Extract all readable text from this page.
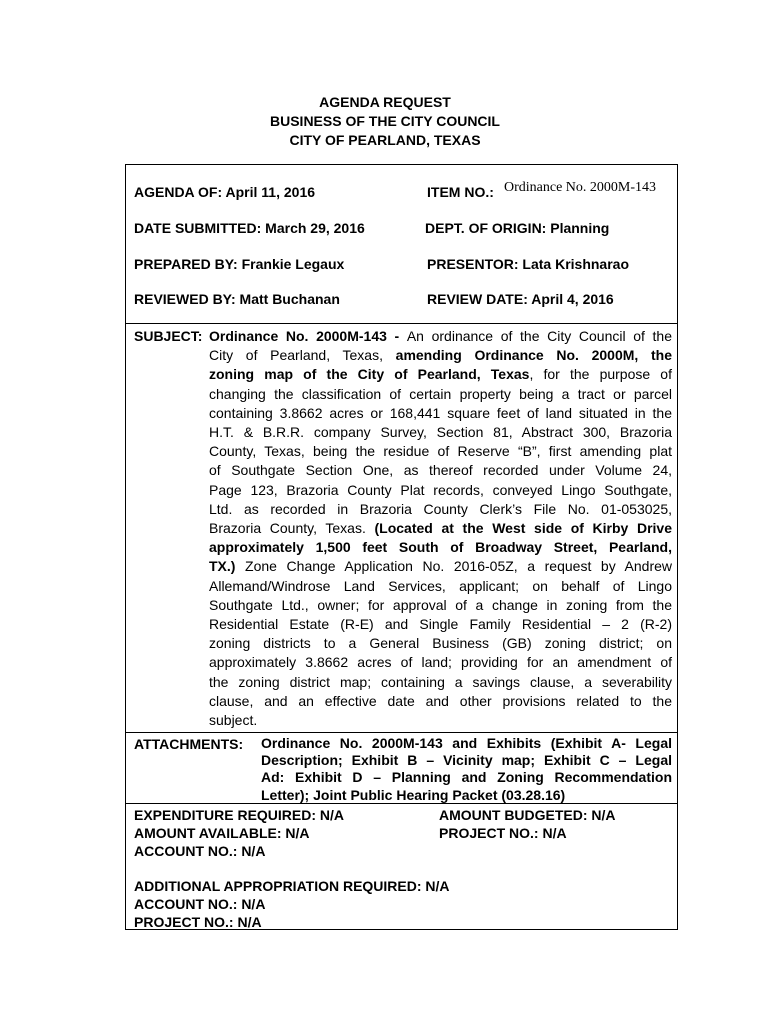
AGENDA REQUEST
BUSINESS OF THE CITY COUNCIL
CITY OF PEARLAND, TEXAS
AGENDA OF: April 11, 2016	ITEM NO.: Ordinance No. 2000M-143
DATE SUBMITTED: March 29, 2016	DEPT. OF ORIGIN: Planning
PREPARED BY: Frankie Legaux	PRESENTOR: Lata Krishnarao
REVIEWED BY: Matt Buchanan	REVIEW DATE: April 4, 2016
SUBJECT: Ordinance No. 2000M-143 - An ordinance of the City Council of the
City of Pearland, Texas, amending Ordinance No. 2000M, the
zoning map of the City of Pearland, Texas, for the purpose of
changing the classification of certain property being a tract or parcel
containing 3.8662 acres or 168,441 square feet of land situated in the
H.T. & B.R.R. company Survey, Section 81, Abstract 300, Brazoria
County, Texas, being the residue of Reserve “B”, first amending plat
of Southgate Section One, as thereof recorded under Volume 24,
Page 123, Brazoria County Plat records, conveyed Lingo Southgate,
Ltd. as recorded in Brazoria County Clerk’s File No. 01-053025,
Brazoria County, Texas. (Located at the West side of Kirby Drive
approximately 1,500 feet South of Broadway Street, Pearland,
TX.) Zone Change Application No. 2016-05Z, a request by Andrew
Allemand/Windrose Land Services, applicant; on behalf of Lingo
Southgate Ltd., owner; for approval of a change in zoning from the
Residential Estate (R-E) and Single Family Residential – 2 (R-2)
zoning districts to a General Business (GB) zoning district; on
approximately 3.8662 acres of land; providing for an amendment of
the zoning district map; containing a savings clause, a severability
clause, and an effective date and other provisions related to the
subject.
ATTACHMENTS: Ordinance No. 2000M-143 and Exhibits (Exhibit A- Legal
Description; Exhibit B – Vicinity map; Exhibit C – Legal
Ad: Exhibit D – Planning and Zoning Recommendation
Letter); Joint Public Hearing Packet (03.28.16)
EXPENDITURE REQUIRED: N/A	AMOUNT BUDGETED: N/A
AMOUNT AVAILABLE: N/A	PROJECT NO.: N/A
ACCOUNT NO.: N/A
ADDITIONAL APPROPRIATION REQUIRED: N/A
ACCOUNT NO.: N/A
PROJECT NO.: N/A
